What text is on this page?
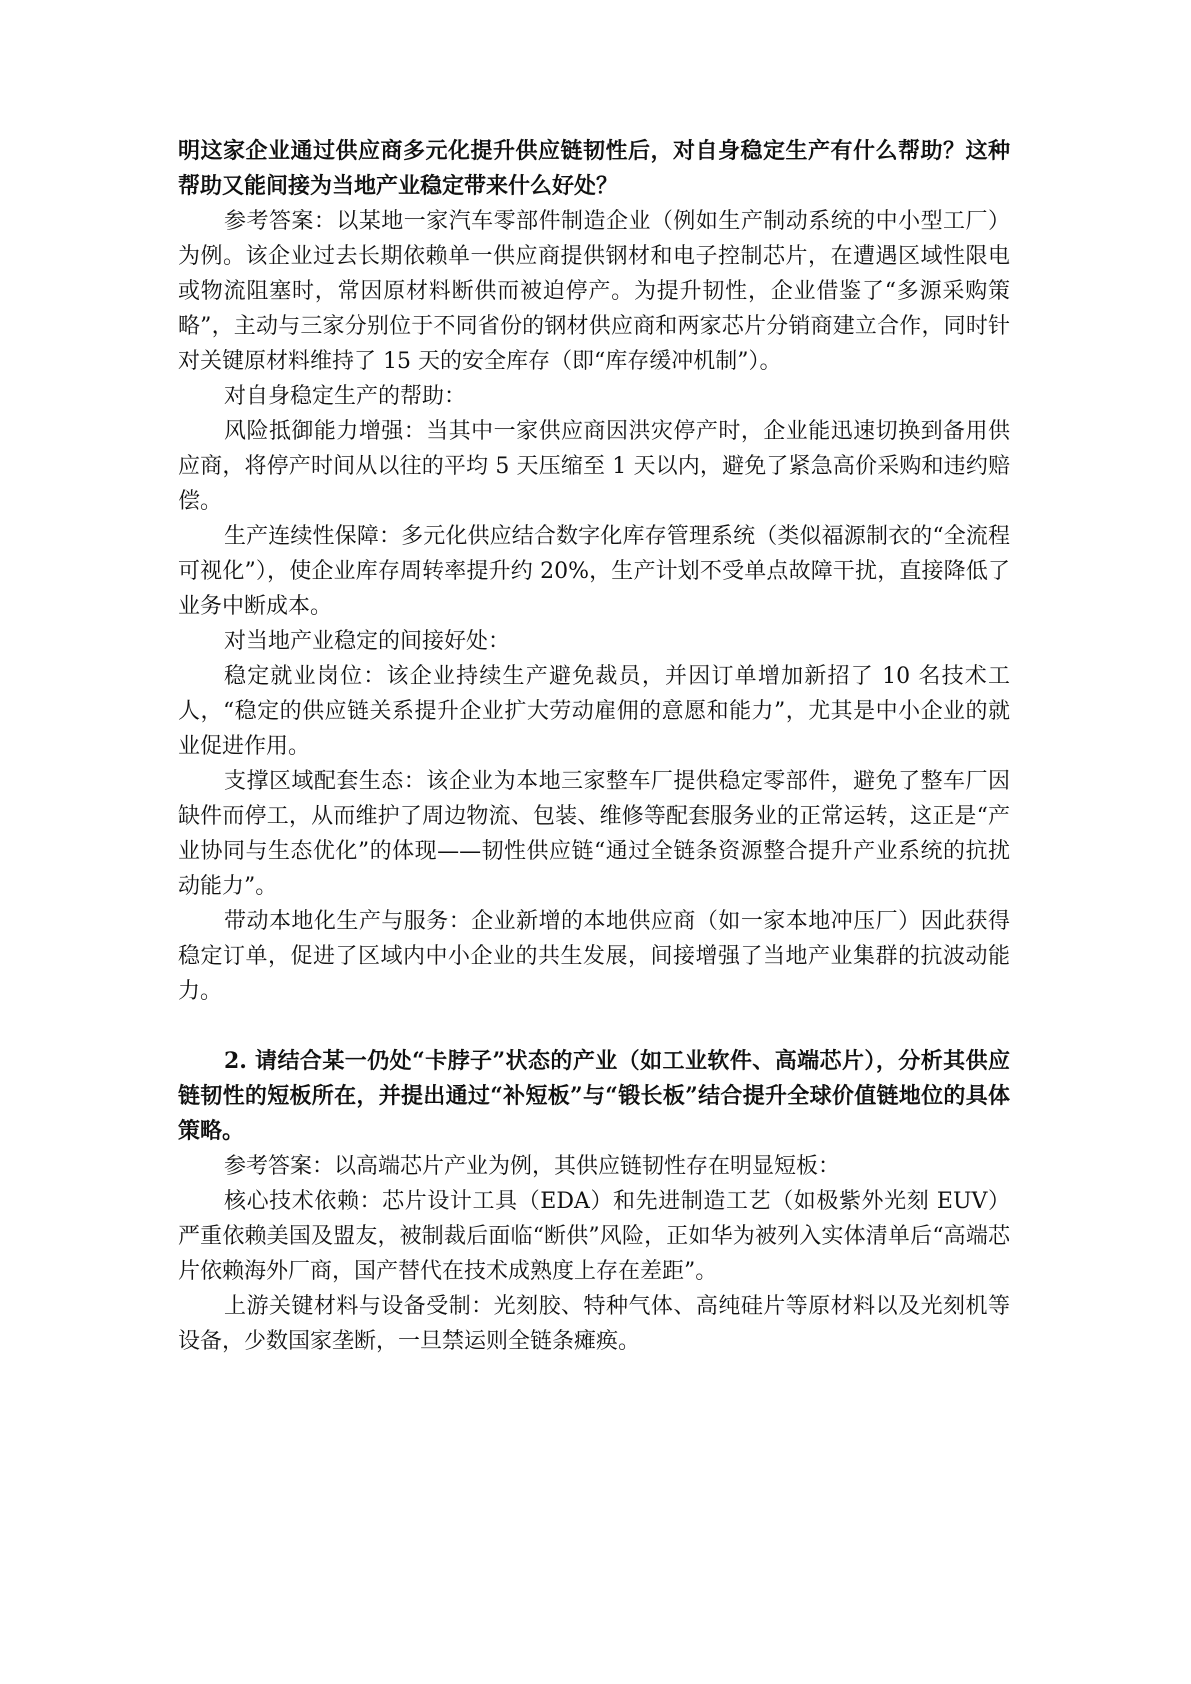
明这家企业通过供应商多元化提升供应链韧性后，对自身稳定生产有什么帮助？这种帮助又能间接为当地产业稳定带来什么好处？

参考答案：以某地一家汽车零部件制造企业（例如生产制动系统的中小型工厂）为例。该企业过去长期依赖单一供应商提供钢材和电子控制芯片，在遭遇区域性限电或物流阻塞时，常因原材料断供而被迫停产。为提升韧性，企业借鉴了“多源采购策略”，主动与三家分别位于不同省份的钢材供应商和两家芯片分销商建立合作，同时针对关键原材料维持了 15 天的安全库存（即“库存缓冲机制”）。

对自身稳定生产的帮助：

风险抵御能力增强：当其中一家供应商因洪灾停产时，企业能迅速切换到备用供应商，将停产时间从以往的平均 5 天压缩至 1 天以内，避免了紧急高价采购和违约赔偿。

生产连续性保障：多元化供应结合数字化库存管理系统（类似福源制衣的“全流程可视化”），使企业库存周转率提升约 20%，生产计划不受单点故障干扰，直接降低了业务中断成本。

对当地产业稳定的间接好处：

稳定就业岗位：该企业持续生产避免裁员，并因订单增加新招了 10 名技术工人，“稳定的供应链关系提升企业扩大劳动雇佣的意愿和能力”，尤其是中小企业的就业促进作用。

支撑区域配套生态：该企业为本地三家整车厂提供稳定零部件，避免了整车厂因缺件而停工，从而维护了周边物流、包装、维修等配套服务业的正常运转，这正是“产业协同与生态优化”的体现——韧性供应链“通过全链条资源整合提升产业系统的抗扰动能力”。

带动本地化生产与服务：企业新增的本地供应商（如一家本地冲压厂）因此获得稳定订单，促进了区域内中小企业的共生发展，间接增强了当地产业集群的抗波动能力。

2. 请结合某一仍处“卡脖子”状态的产业（如工业软件、高端芯片），分析其供应链韧性的短板所在，并提出通过“补短板”与“锻长板”结合提升全球价值链地位的具体策略。

参考答案：以高端芯片产业为例，其供应链韧性存在明显短板：

核心技术依赖：芯片设计工具（EDA）和先进制造工艺（如极紫外光刻 EUV）严重依赖美国及盟友，被制裁后面临“断供”风险，正如华为被列入实体清单后“高端芯片依赖海外厂商，国产替代在技术成熟度上存在差距”。

上游关键材料与设备受制：光刻胶、特种气体、高纯硅片等原材料以及光刻机等设备，少数国家垄断，一旦禁运则全链条瘫痪。
